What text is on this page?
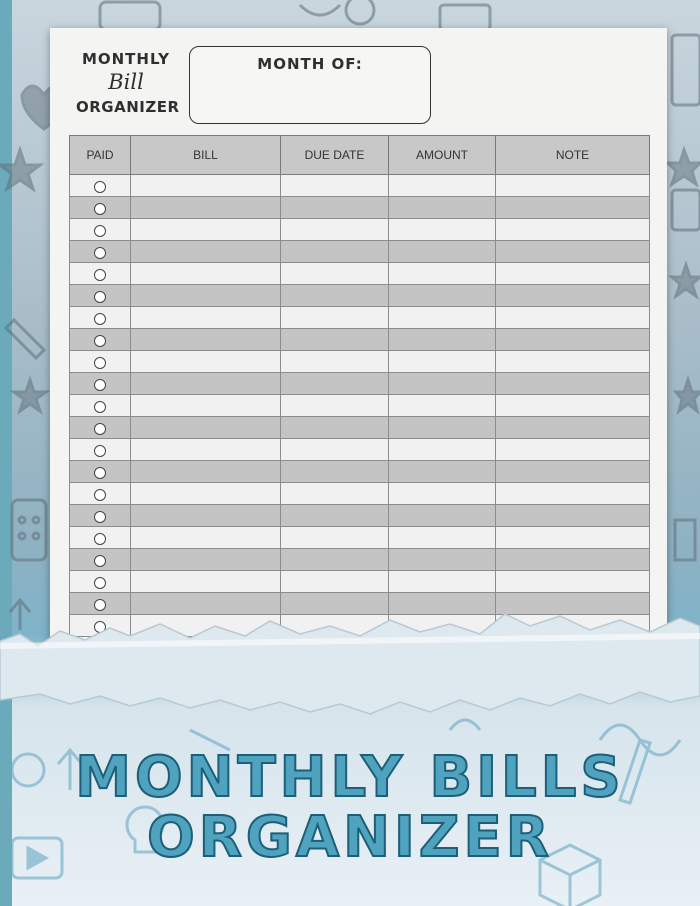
MONTHLY
Bill
ORGANIZER
MONTH OF:
PAID	BILL	DUE DATE	AMOUNT	NOTE

MONTHLY BILLS
ORGANIZER
